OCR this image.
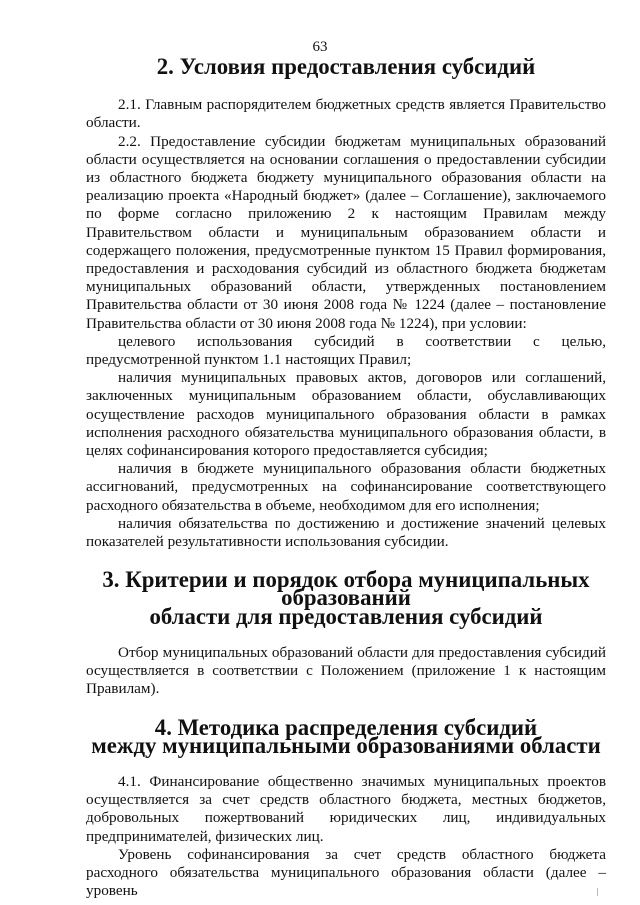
63
2. Условия предоставления субсидий

2.1. Главным распорядителем бюджетных средств является Правительство области.

2.2. Предоставление субсидии бюджетам муниципальных образований области осуществляется на основании соглашения о предоставлении субсидии из областного бюджета бюджету муниципального образования области на реализацию проекта «Народный бюджет» (далее – Соглашение), заключаемого по форме согласно приложению 2 к настоящим Правилам между Правительством области и муниципальным образованием области и содержащего положения, предусмотренные пунктом 15 Правил формирования, предоставления и расходования субсидий из областного бюджета бюджетам муниципальных образований области, утвержденных постановлением Правительства области от 30 июня 2008 года № 1224 (далее – постановление Правительства области от 30 июня 2008 года № 1224), при условии:

целевого использования субсидий в соответствии с целью, предусмотренной пунктом 1.1 настоящих Правил;

наличия муниципальных правовых актов, договоров или соглашений, заключенных муниципальным образованием области, обуславливающих осуществление расходов муниципального образования области в рамках исполнения расходного обязательства муниципального образования области, в целях софинансирования которого предоставляется субсидия;

наличия в бюджете муниципального образования области бюджетных ассигнований, предусмотренных на софинансирование соответствующего расходного обязательства в объеме, необходимом для его исполнения;

наличия обязательства по достижению и достижение значений целевых показателей результативности использования субсидии.

3. Критерии и порядок отбора муниципальных образований
области для предоставления субсидий

Отбор муниципальных образований области для предоставления субсидий осуществляется в соответствии с Положением (приложение 1 к настоящим Правилам).

4. Методика распределения субсидий
между муниципальными образованиями области

4.1. Финансирование общественно значимых муниципальных проектов осуществляется за счет средств областного бюджета, местных бюджетов, добровольных пожертвований юридических лиц, индивидуальных предпринимателей, физических лиц.

Уровень софинансирования за счет средств областного бюджета расходного обязательства муниципального образования области (далее – уровень
